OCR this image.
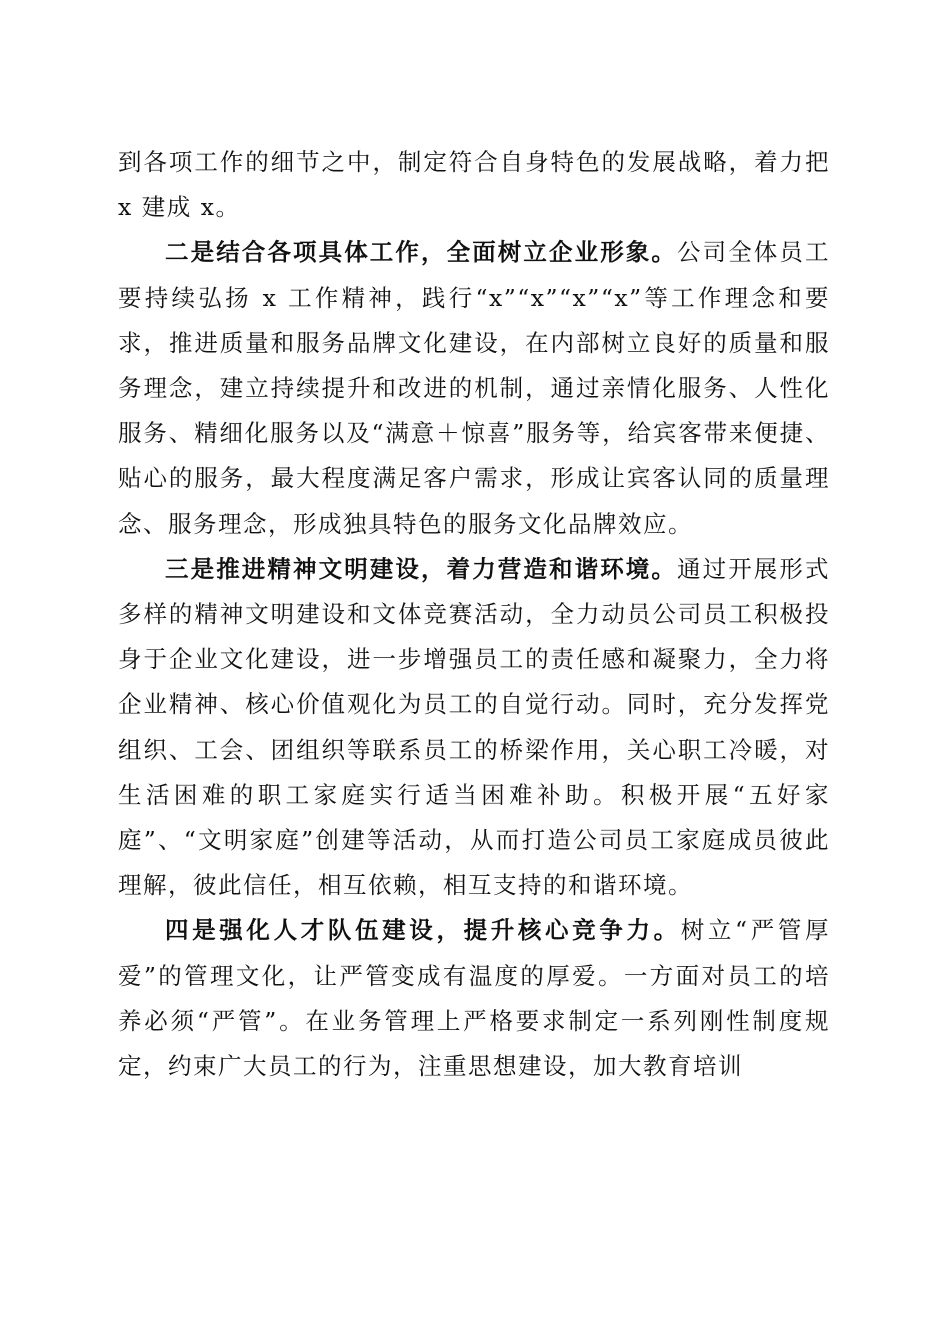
到各项工作的细节之中，制定符合自身特色的发展战略，着力把 x 建成 x。

二是结合各项具体工作，全面树立企业形象。公司全体员工要持续弘扬 x 工作精神，践行“x”“x”“x”“x”等工作理念和要求，推进质量和服务品牌文化建设，在内部树立良好的质量和服务理念，建立持续提升和改进的机制，通过亲情化服务、人性化服务、精细化服务以及“满意＋惊喜”服务等，给宾客带来便捷、贴心的服务，最大程度满足客户需求，形成让宾客认同的质量理念、服务理念，形成独具特色的服务文化品牌效应。

三是推进精神文明建设，着力营造和谐环境。通过开展形式多样的精神文明建设和文体竞赛活动，全力动员公司员工积极投身于企业文化建设，进一步增强员工的责任感和凝聚力，全力将企业精神、核心价值观化为员工的自觉行动。同时，充分发挥党组织、工会、团组织等联系员工的桥梁作用，关心职工冷暖，对生活困难的职工家庭实行适当困难补助。积极开展“五好家庭”、“文明家庭”创建等活动，从而打造公司员工家庭成员彼此理解，彼此信任，相互依赖，相互支持的和谐环境。

四是强化人才队伍建设，提升核心竞争力。树立“严管厚爱”的管理文化，让严管变成有温度的厚爱。一方面对员工的培养必须“严管”。在业务管理上严格要求制定一系列刚性制度规定，约束广大员工的行为，注重思想建设，加大教育培训
